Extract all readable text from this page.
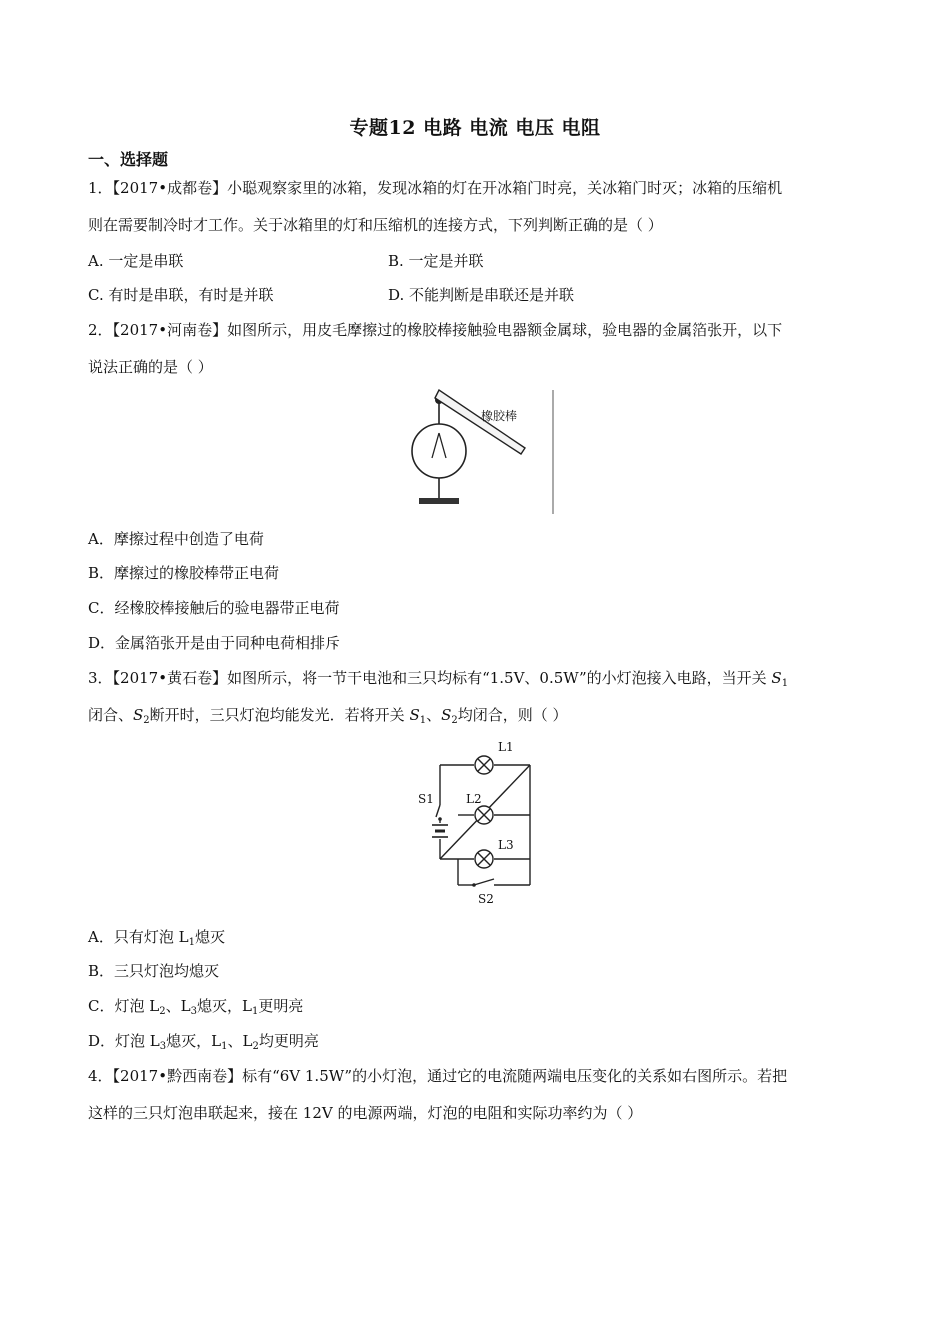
专题12 电路 电流 电压 电阻
一、选择题
1．【2017•成都卷】小聪观察家里的冰箱，发现冰箱的灯在开冰箱门时亮，关冰箱门时灭；冰箱的压缩机
则在需要制冷时才工作。关于冰箱里的灯和压缩机的连接方式，下列判断正确的是（ ）
A. 一定是串联	B. 一定是并联
C. 有时是串联，有时是并联	D. 不能判断是串联还是并联
2．【2017•河南卷】如图所示，用皮毛摩擦过的橡胶棒接触验电器额金属球，验电器的金属箔张开，以下
说法正确的是（ ）
橡胶棒
A．摩擦过程中创造了电荷
B．摩擦过的橡胶棒带正电荷
C．经橡胶棒接触后的验电器带正电荷
D．金属箔张开是由于同种电荷相排斥
3．【2017•黄石卷】如图所示，将一节干电池和三只均标有“1.5V、0.5W”的小灯泡接入电路，当开关 $S_1$
闭合、$S_2$断开时，三只灯泡均能发光．若将开关 $S_1$、$S_2$均闭合，则（ ）
L1
L2
L3
S1
S2
A．只有灯泡 $L_1$熄灭
B．三只灯泡均熄灭
C．灯泡 $L_2$、$L_3$熄灭，$L_1$更明亮
D．灯泡 $L_3$熄灭，$L_1$、$L_2$均更明亮
4．【2017•黔西南卷】标有“6V 1.5W”的小灯泡，通过它的电流随两端电压变化的关系如右图所示。若把
这样的三只灯泡串联起来，接在 12V 的电源两端，灯泡的电阻和实际功率约为（ ）
